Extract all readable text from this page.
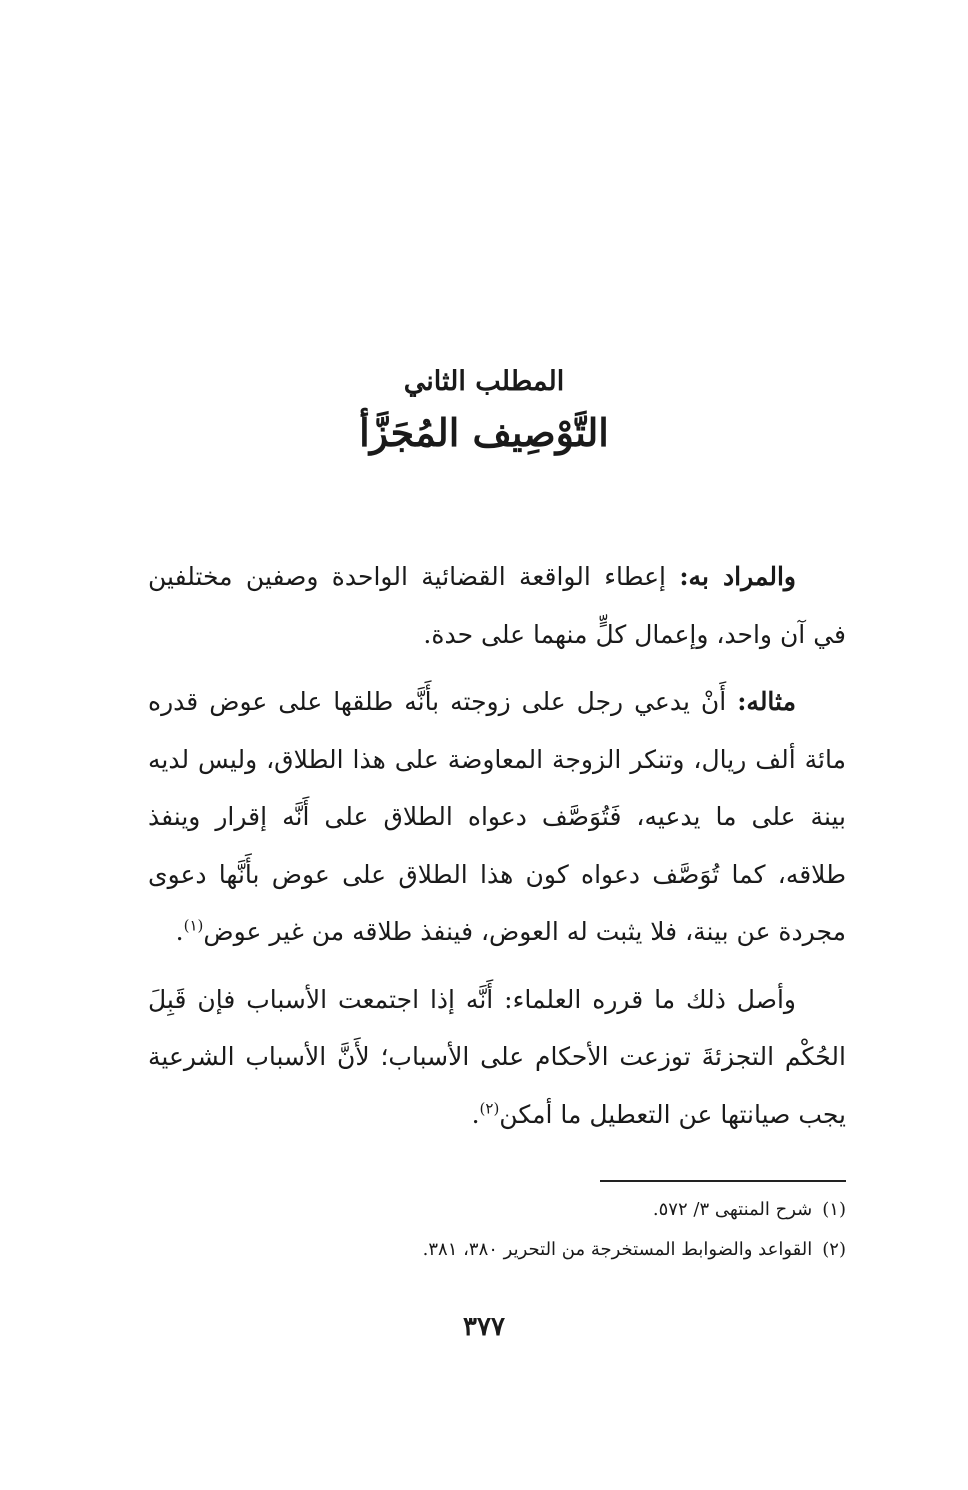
المطلب الثاني
التَّوْصِيف المُجَزَّأ

والمراد به: إعطاء الواقعة القضائية الواحدة وصفين مختلفين في آن واحد، وإعمال كلٍّ منهما على حدة.

مثاله: أَنْ يدعي رجل على زوجته بأَنَّه طلقها على عوض قدره مائة ألف ريال، وتنكر الزوجة المعاوضة على هذا الطلاق، وليس لديه بينة على ما يدعيه، فَتُوَصَّف دعواه الطلاق على أَنَّه إقرار وينفذ طلاقه، كما تُوَصَّف دعواه كون هذا الطلاق على عوض بأَنَّها دعوى مجردة عن بينة، فلا يثبت له العوض، فينفذ طلاقه من غير عوض$^{(١)}$.

وأصل ذلك ما قرره العلماء: أَنَّه إذا اجتمعت الأسباب فإن قَبِلَ الحُكْم التجزئةَ توزعت الأحكام على الأسباب؛ لأَنَّ الأسباب الشرعية يجب صيانتها عن التعطيل ما أمكن$^{(٢)}$.

(١)شرح المنتهى ٣/ ٥٧٢.
(٢)القواعد والضوابط المستخرجة من التحرير ٣٨٠، ٣٨١.
٣٧٧
